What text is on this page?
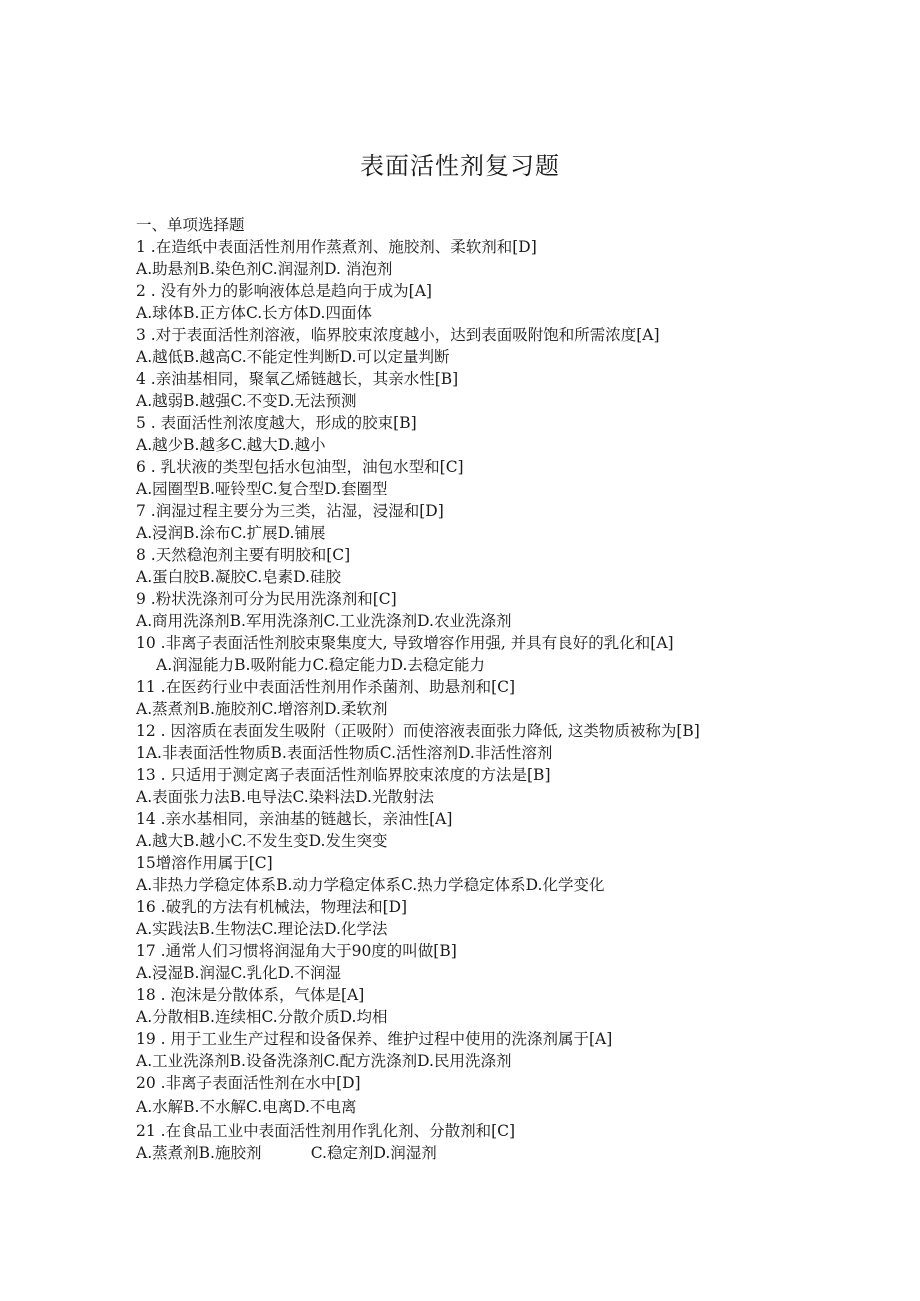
表面活性剂复习题
一、单项选择题
1 .在造纸中表面活性剂用作蒸煮剂、施胶剂、柔软剂和[D]
A.助悬剂B.染色剂C.润湿剂D. 消泡剂
2 . 没有外力的影响液体总是趋向于成为[A]
A.球体B.正方体C.长方体D.四面体
3 .对于表面活性剂溶液，临界胶束浓度越小，达到表面吸附饱和所需浓度[A]
A.越低B.越高C.不能定性判断D.可以定量判断
4 .亲油基相同，聚氧乙烯链越长，其亲水性[B]
A.越弱B.越强C.不变D.无法预测
5 . 表面活性剂浓度越大，形成的胶束[B]
A.越少B.越多C.越大D.越小
6 . 乳状液的类型包括水包油型，油包水型和[C]
A.园圈型B.哑铃型C.复合型D.套圈型
7 .润湿过程主要分为三类，沾湿，浸湿和[D]
A.浸润B.涂布C.扩展D.铺展
8 .天然稳泡剂主要有明胶和[C]
A.蛋白胶B.凝胶C.皂素D.硅胶
9 .粉状洗涤剂可分为民用洗涤剂和[C]
A.商用洗涤剂B.军用洗涤剂C.工业洗涤剂D.农业洗涤剂
10 .非离子表面活性剂胶束聚集度大, 导致增容作用强, 并具有良好的乳化和[A]
A.润湿能力B.吸附能力C.稳定能力D.去稳定能力
11 .在医药行业中表面活性剂用作杀菌剂、助悬剂和[C]
A.蒸煮剂B.施胶剂C.增溶剂D.柔软剂
12 . 因溶质在表面发生吸附（正吸附）而使溶液表面张力降低, 这类物质被称为[B]
1A.非表面活性物质B.表面活性物质C.活性溶剂D.非活性溶剂
13 . 只适用于测定离子表面活性剂临界胶束浓度的方法是[B]
A.表面张力法B.电导法C.染料法D.光散射法
14 .亲水基相同，亲油基的链越长，亲油性[A]
A.越大B.越小C.不发生变D.发生突变
15增溶作用属于[C]
A.非热力学稳定体系B.动力学稳定体系C.热力学稳定体系D.化学变化
16 .破乳的方法有机械法，物理法和[D]
A.实践法B.生物法C.理论法D.化学法
17 .通常人们习惯将润湿角大于90度的叫做[B]
A.浸湿B.润湿C.乳化D.不润湿
18 . 泡沫是分散体系，气体是[A]
A.分散相B.连续相C.分散介质D.均相
19 . 用于工业生产过程和设备保养、维护过程中使用的洗涤剂属于[A]
A.工业洗涤剂B.设备洗涤剂C.配方洗涤剂D.民用洗涤剂
20 .非离子表面活性剂在水中[D]
A.水解B.不水解C.电离D.不电离
21 .在食品工业中表面活性剂用作乳化剂、分散剂和[C]
A.蒸煮剂B.施胶剂          C.稳定剂D.润湿剂
